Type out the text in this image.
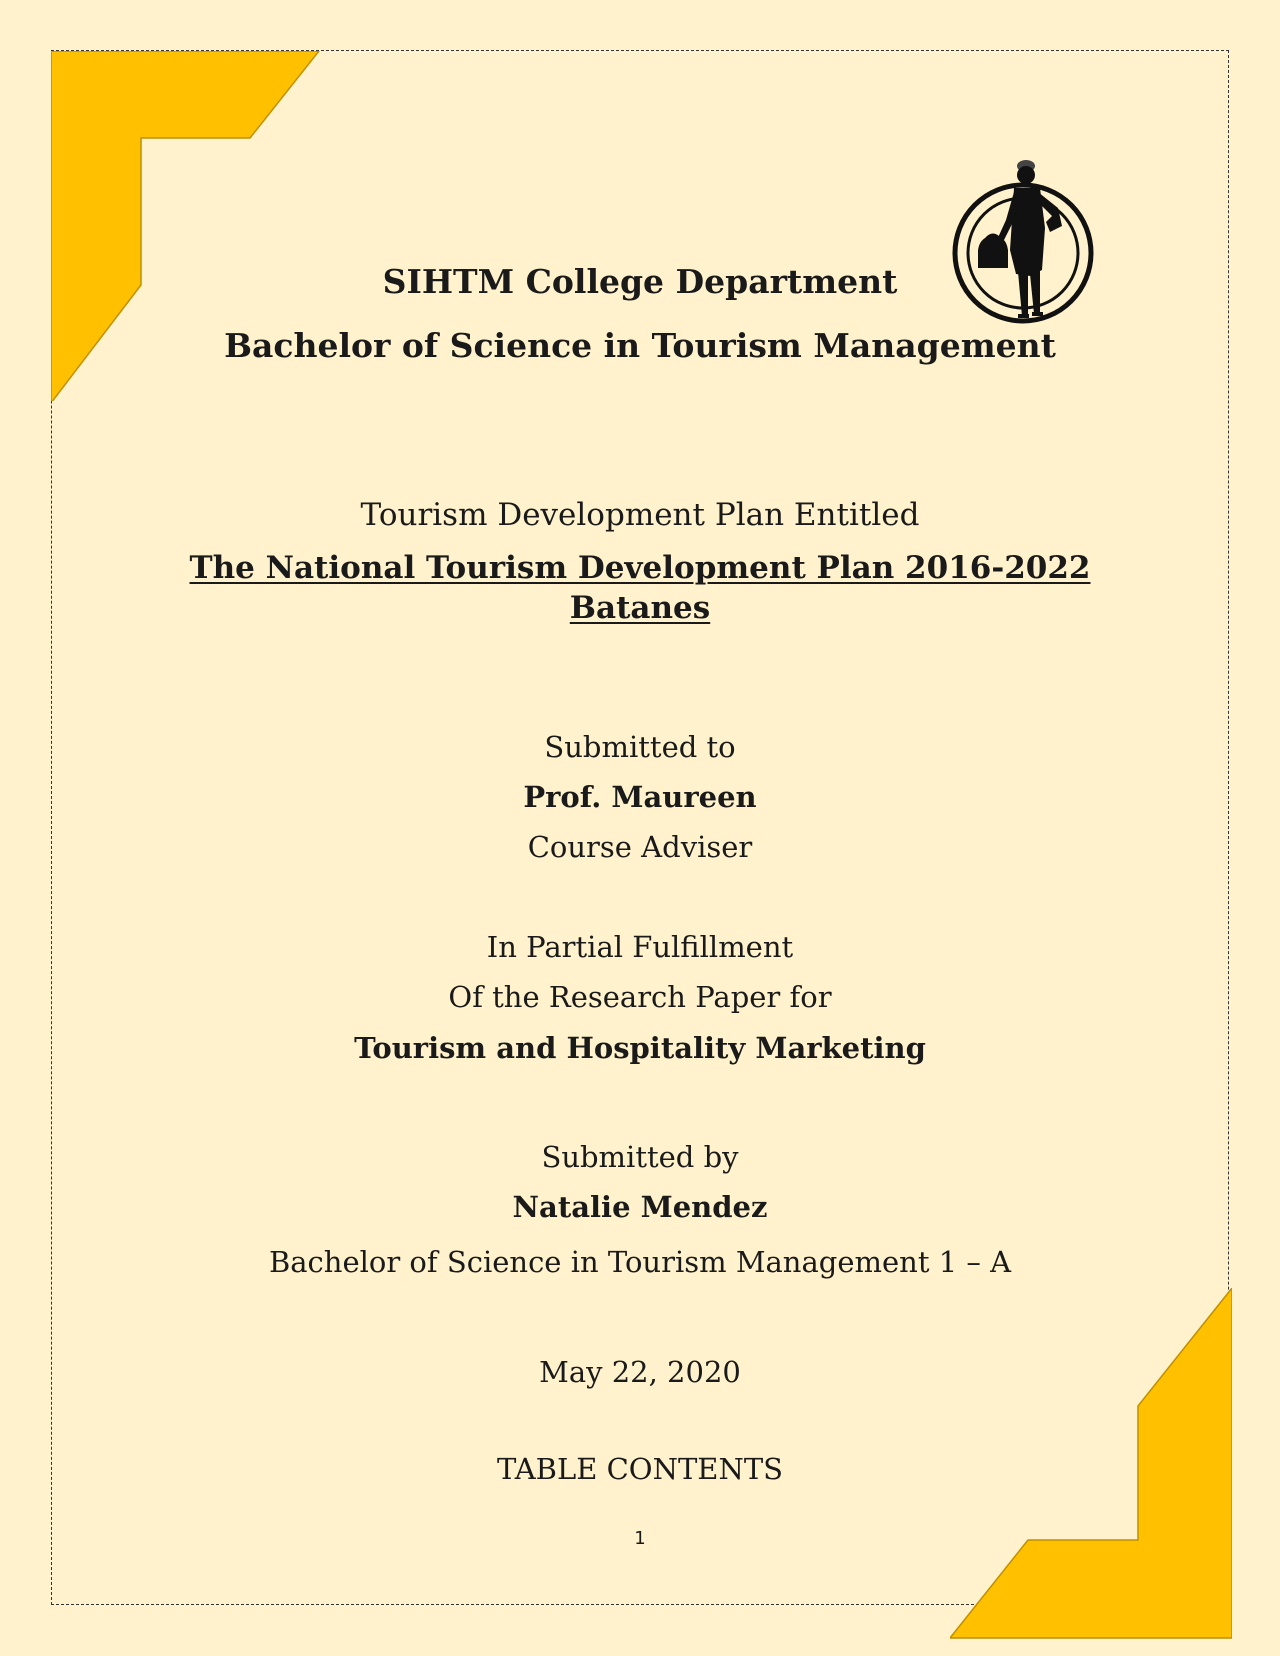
SIHTM College Department
Bachelor of Science in Tourism Management
Tourism Development Plan Entitled
The National Tourism Development Plan 2016-2022
Batanes
Submitted to
Prof. Maureen
Course Adviser
In Partial Fulfillment
Of the Research Paper for
Tourism and Hospitality Marketing
Submitted by
Natalie Mendez
Bachelor of Science in Tourism Management 1 – A
May 22, 2020
TABLE CONTENTS
1
